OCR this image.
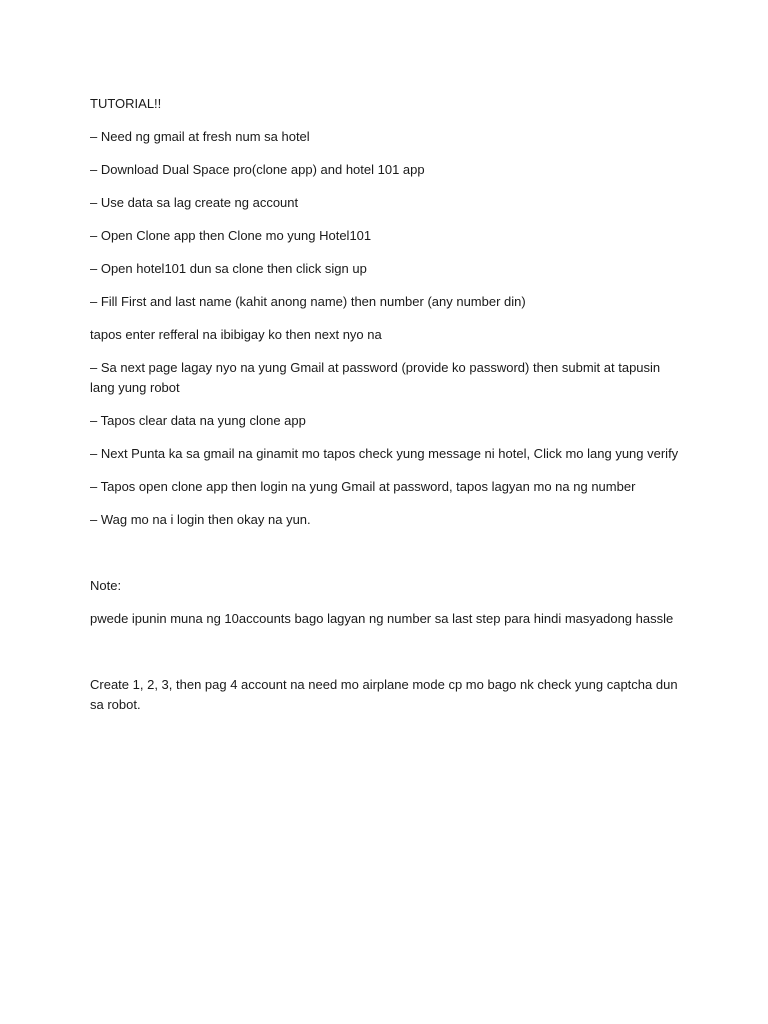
TUTORIAL!!
– Need ng gmail at fresh num sa hotel
– Download Dual Space pro(clone app) and hotel 101 app
– Use data sa lag create ng account
– Open Clone app then Clone mo yung Hotel101
– Open hotel101 dun sa clone then click sign up
– Fill First and last name (kahit anong name) then number (any number din)
tapos enter refferal na ibibigay ko then next nyo na
– Sa next page lagay nyo na yung Gmail at password (provide ko password) then submit at tapusin lang yung robot
– Tapos clear data na yung clone app
– Next Punta ka sa gmail na ginamit mo tapos check yung message ni hotel, Click mo lang yung verify
– Tapos open clone app then login na yung Gmail at password, tapos lagyan mo na ng number
– Wag mo na i login then okay na yun.
Note:
pwede ipunin muna ng 10accounts bago lagyan ng number sa last step para hindi masyadong hassle
Create 1, 2, 3, then pag 4 account na need mo airplane mode cp mo bago nk check yung captcha dun sa robot.
